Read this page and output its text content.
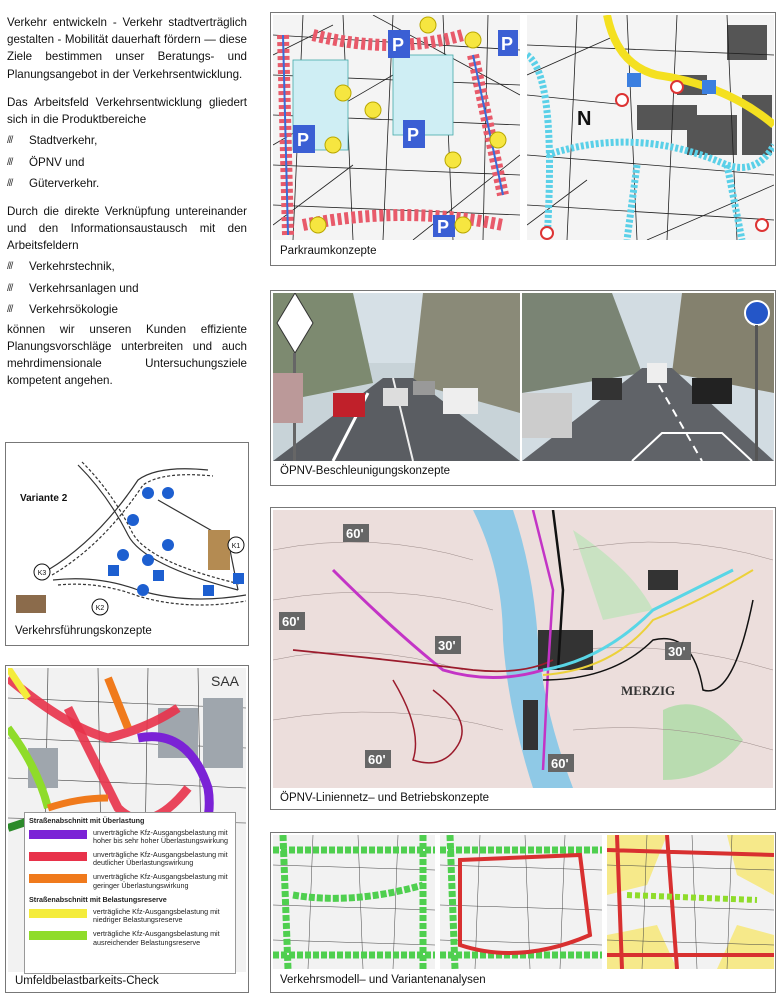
Verkehr entwickeln - Verkehr stadtverträglich gestalten - Mobilität dauerhaft fördern — diese Ziele bestimmen unser Beratungs- und Planungsangebot in der Verkehrsentwicklung.

Das Arbeitsfeld Verkehrsentwicklung gliedert sich in die Produktbereiche

///	Stadtverkehr,
///	ÖPNV und
///	Güterverkehr.

Durch die direkte Verknüpfung untereinander und den Informationsaustausch mit den Arbeitsfeldern

///	Verkehrstechnik,
///	Verkehrsanlagen und
///	Verkehrsökologie

können wir unseren Kunden effiziente Planungsvorschläge unterbreiten und auch mehrdimensionale Untersuchungsziele kompetent angehen.

P
P	P
P
P
N
Parkraumkonzepte
ÖPNV-Beschleunigungskonzepte
Variante 2
K1
K2
K3
Verkehrsführungskonzepte
60'
60'
30'	30'
60'	60'
MERZIG
ÖPNV-Liniennetz– und Betriebskonzepte
SAA
Umfeldbelastbarkeits-Check
Straßenabschnitt mit Überlastung
unverträgliche Kfz-Ausgangsbelastung mit hoher bis sehr hoher Überlastungswirkung
unverträgliche Kfz-Ausgangsbelastung mit deutlicher Überlastungswirkung
unverträgliche Kfz-Ausgangsbelastung mit geringer Überlastungswirkung
Straßenabschnitt mit Belastungsreserve
verträgliche Kfz-Ausgangsbelastung mit niedriger Belastungsreserve
verträgliche Kfz-Ausgangsbelastung mit ausreichender Belastungsreserve
Verkehrsmodell– und Variantenanalysen
